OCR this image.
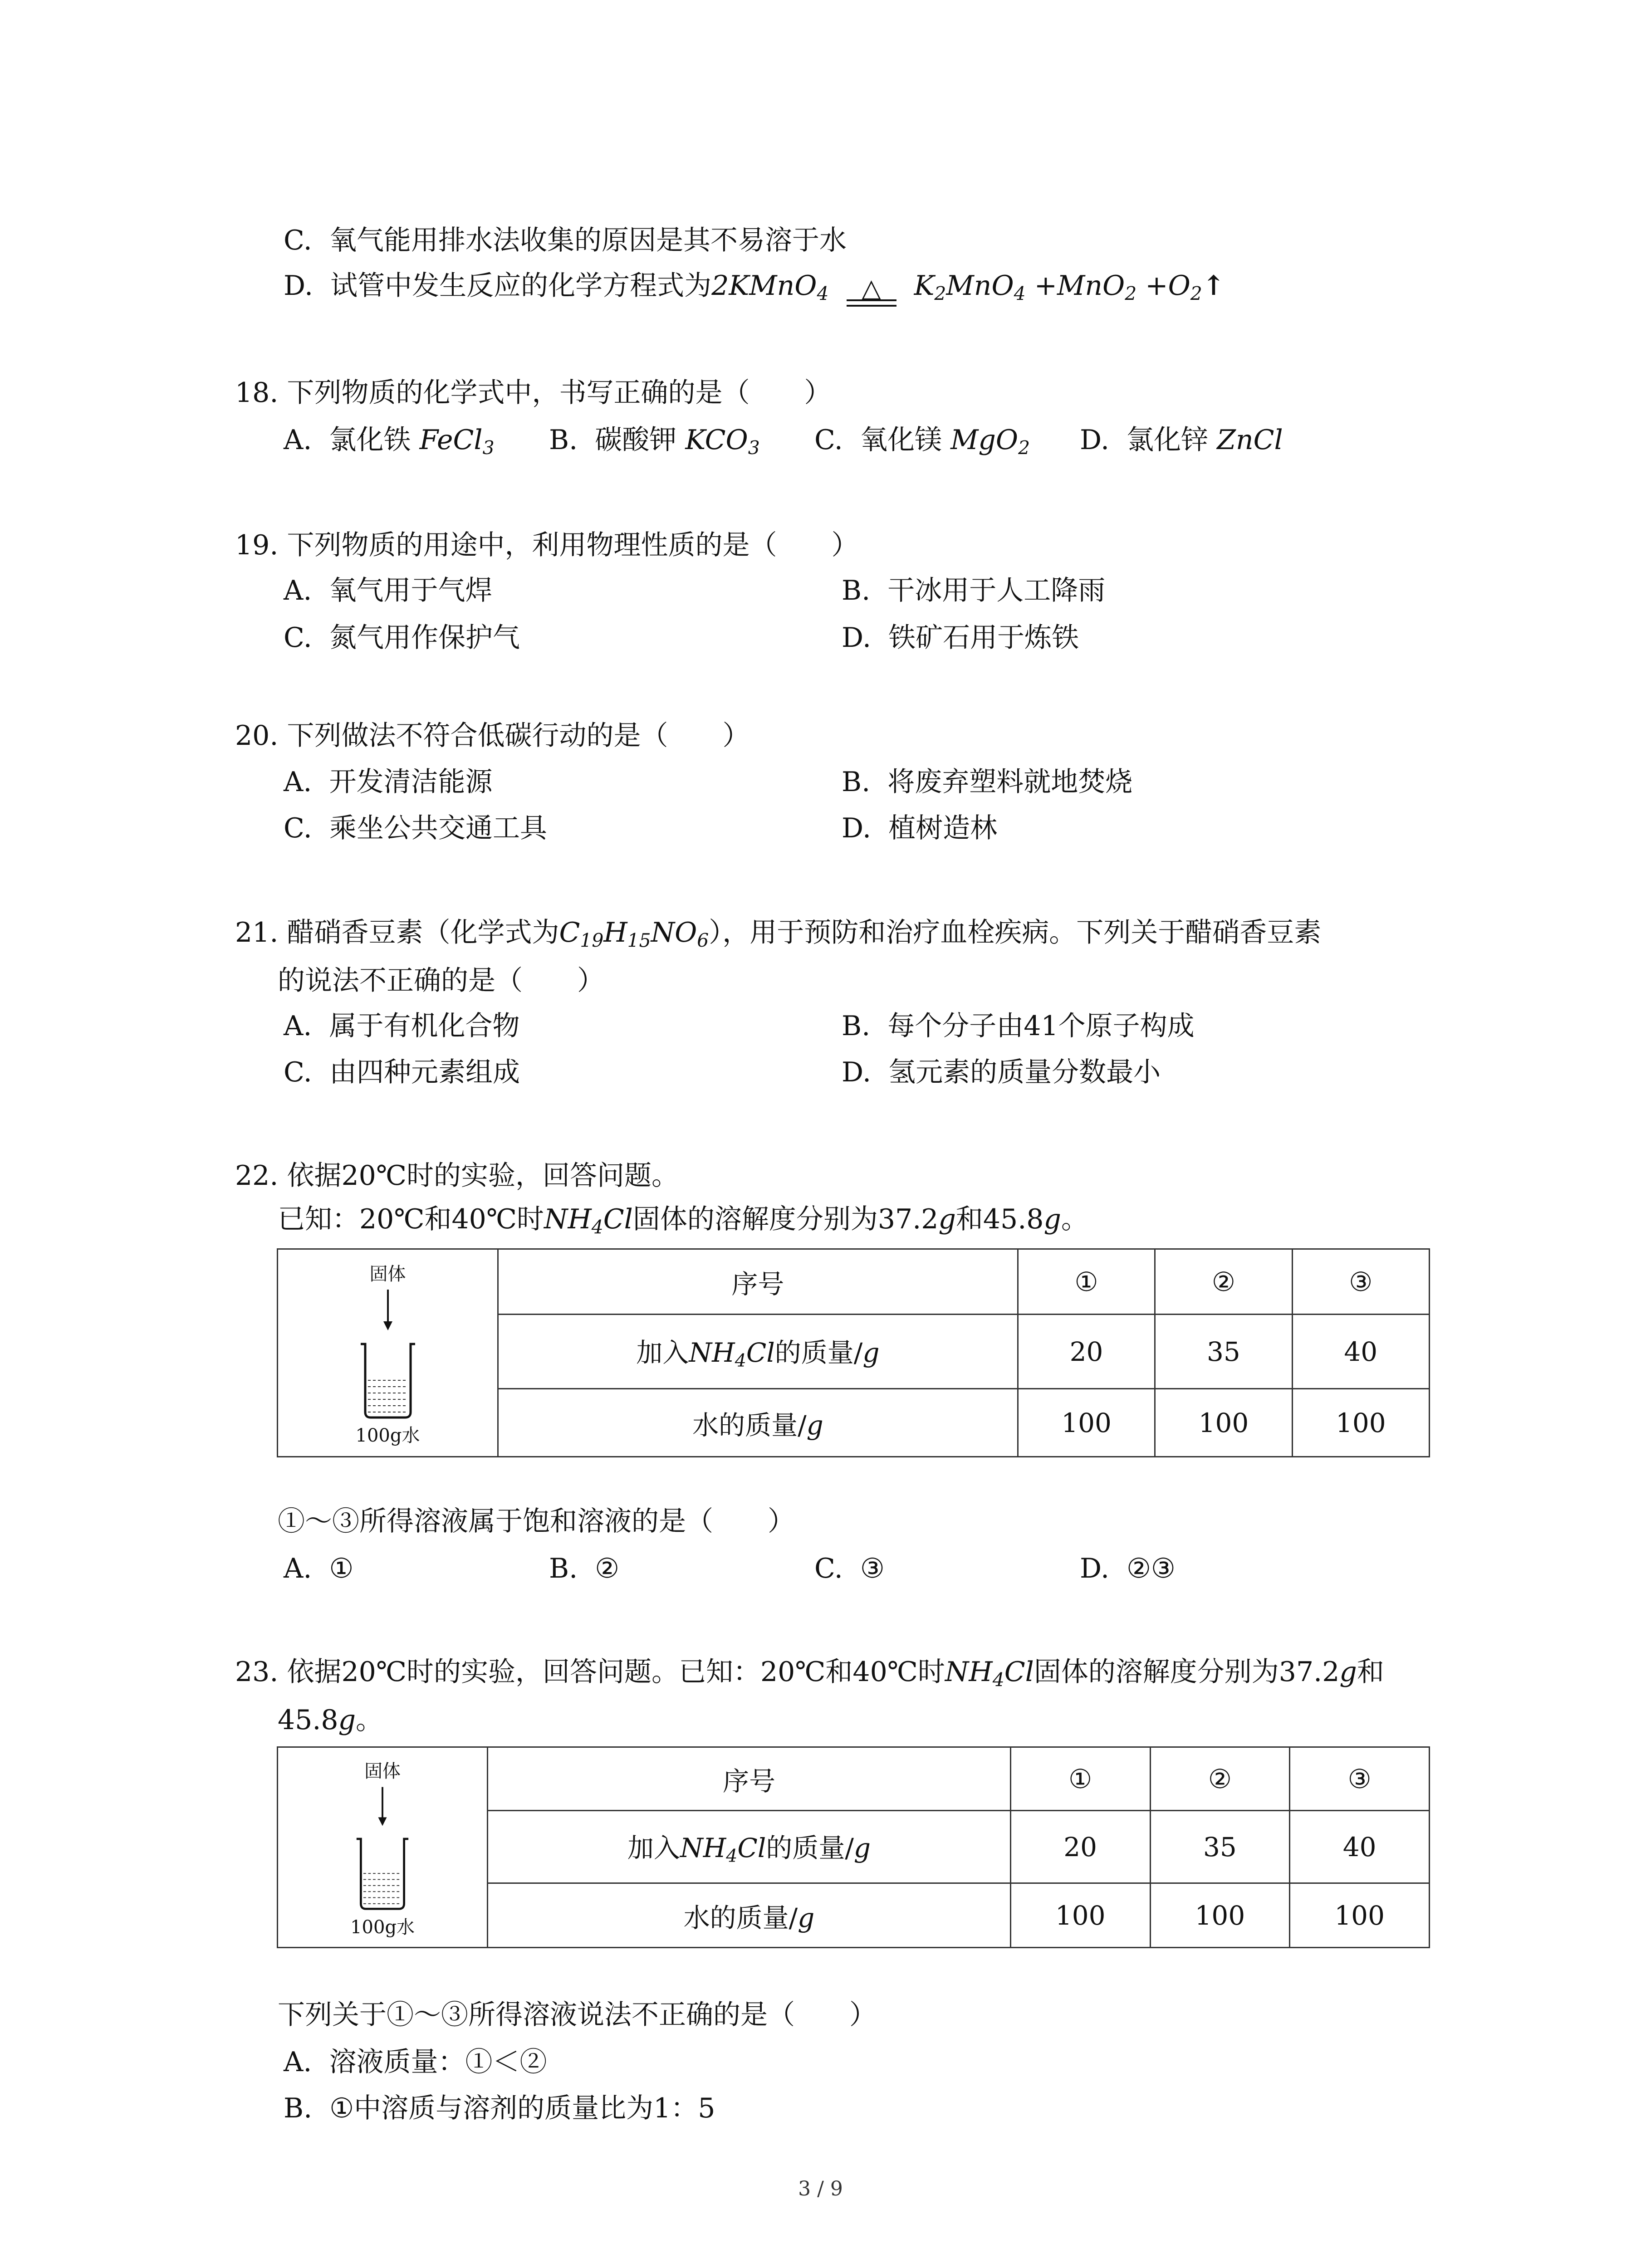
C.  氧气能用排水法收集的原因是其不易溶于水
D.  试管中发生反应的化学方程式为2KMnO$_4$	△	$K_2MnO_4 +MnO_2$ $+O_2↑$
18. 下列物质的化学式中，书写正确的是（　　）
A.  氯化铁 FeCl$_3$ B.  碳酸钾 $KCO_3$ C.  氧化镁 MgO$_2$ D.  氯化锌 ZnCl
19. 下列物质的用途中，利用物理性质的是（　　）
A.  氧气用于气焊	B.  干冰用于人工降雨
C.  氮气用作保护气	D.  铁矿石用于炼铁
20. 下列做法不符合低碳行动的是（　　）
A.  开发清洁能源	B.  将废弃塑料就地焚烧
C.  乘坐公共交通工具	D.  植树造林
21. 醋硝香豆素（化学式为$C_{19}H_{15}NO_6$），用于预防和治疗血栓疾病。下列关于醋硝香豆素
的说法不正确的是（　　）
A.  属于有机化合物	B.  每个分子由41个原子构成
C.  由四种元素组成	D.  氢元素的质量分数最小
22. 依据20℃时的实验，回答问题。
已知：20℃和40℃时$NH_4Cl$固体的溶解度分别为37.2g和45.8g。
固体
100g水	序号	①	②	③
	加入$NH_4Cl$的质量/g	20	35	40
	水的质量/g	100	100	100
①～③所得溶液属于饱和溶液的是（　　）
A.  ①	B.  ②	C.  ③	D.  ②③
23. 依据20℃时的实验，回答问题。已知：20℃和40℃时$NH_4Cl$固体的溶解度分别为37.2g和
45.8g。
固体
100g水	序号	①	②	③
	加入$NH_4Cl$的质量/g	20	35	40
	水的质量/g	100	100	100
下列关于①～③所得溶液说法不正确的是（　　）
A.  溶液质量：①＜②
B.  ①中溶质与溶剂的质量比为1：5
3 / 9
